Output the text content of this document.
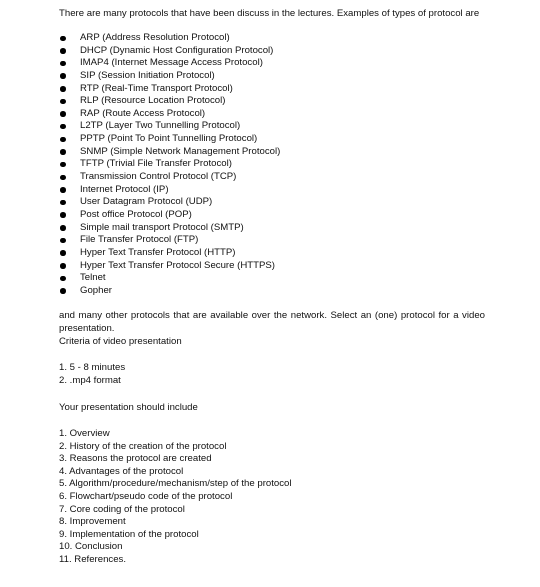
There are many protocols that have been discuss in the lectures. Examples of types of protocol are

ARP (Address Resolution Protocol)
DHCP (Dynamic Host Configuration Protocol)
IMAP4 (Internet Message Access Protocol)
SIP (Session Initiation Protocol)
RTP (Real-Time Transport Protocol)
RLP (Resource Location Protocol)
RAP (Route Access Protocol)
L2TP (Layer Two Tunnelling Protocol)
PPTP (Point To Point Tunnelling Protocol)
SNMP (Simple Network Management Protocol)
TFTP (Trivial File Transfer Protocol)
Transmission Control Protocol (TCP)
Internet Protocol (IP)
User Datagram Protocol (UDP)
Post office Protocol (POP)
Simple mail transport Protocol (SMTP)
File Transfer Protocol (FTP)
Hyper Text Transfer Protocol (HTTP)
Hyper Text Transfer Protocol Secure (HTTPS)
Telnet
Gopher

and many other protocols that are available over the network. Select an (one) protocol for a video presentation.

Criteria of video presentation

1. 5 - 8 minutes
2. .mp4 format

Your presentation should include

1. Overview
2. History of the creation of the protocol
3. Reasons the protocol are created
4. Advantages of the protocol
5. Algorithm/procedure/mechanism/step of the protocol
6. Flowchart/pseudo code of the protocol
7. Core coding of the protocol
8. Improvement
9. Implementation of the protocol
10. Conclusion
11. References.
